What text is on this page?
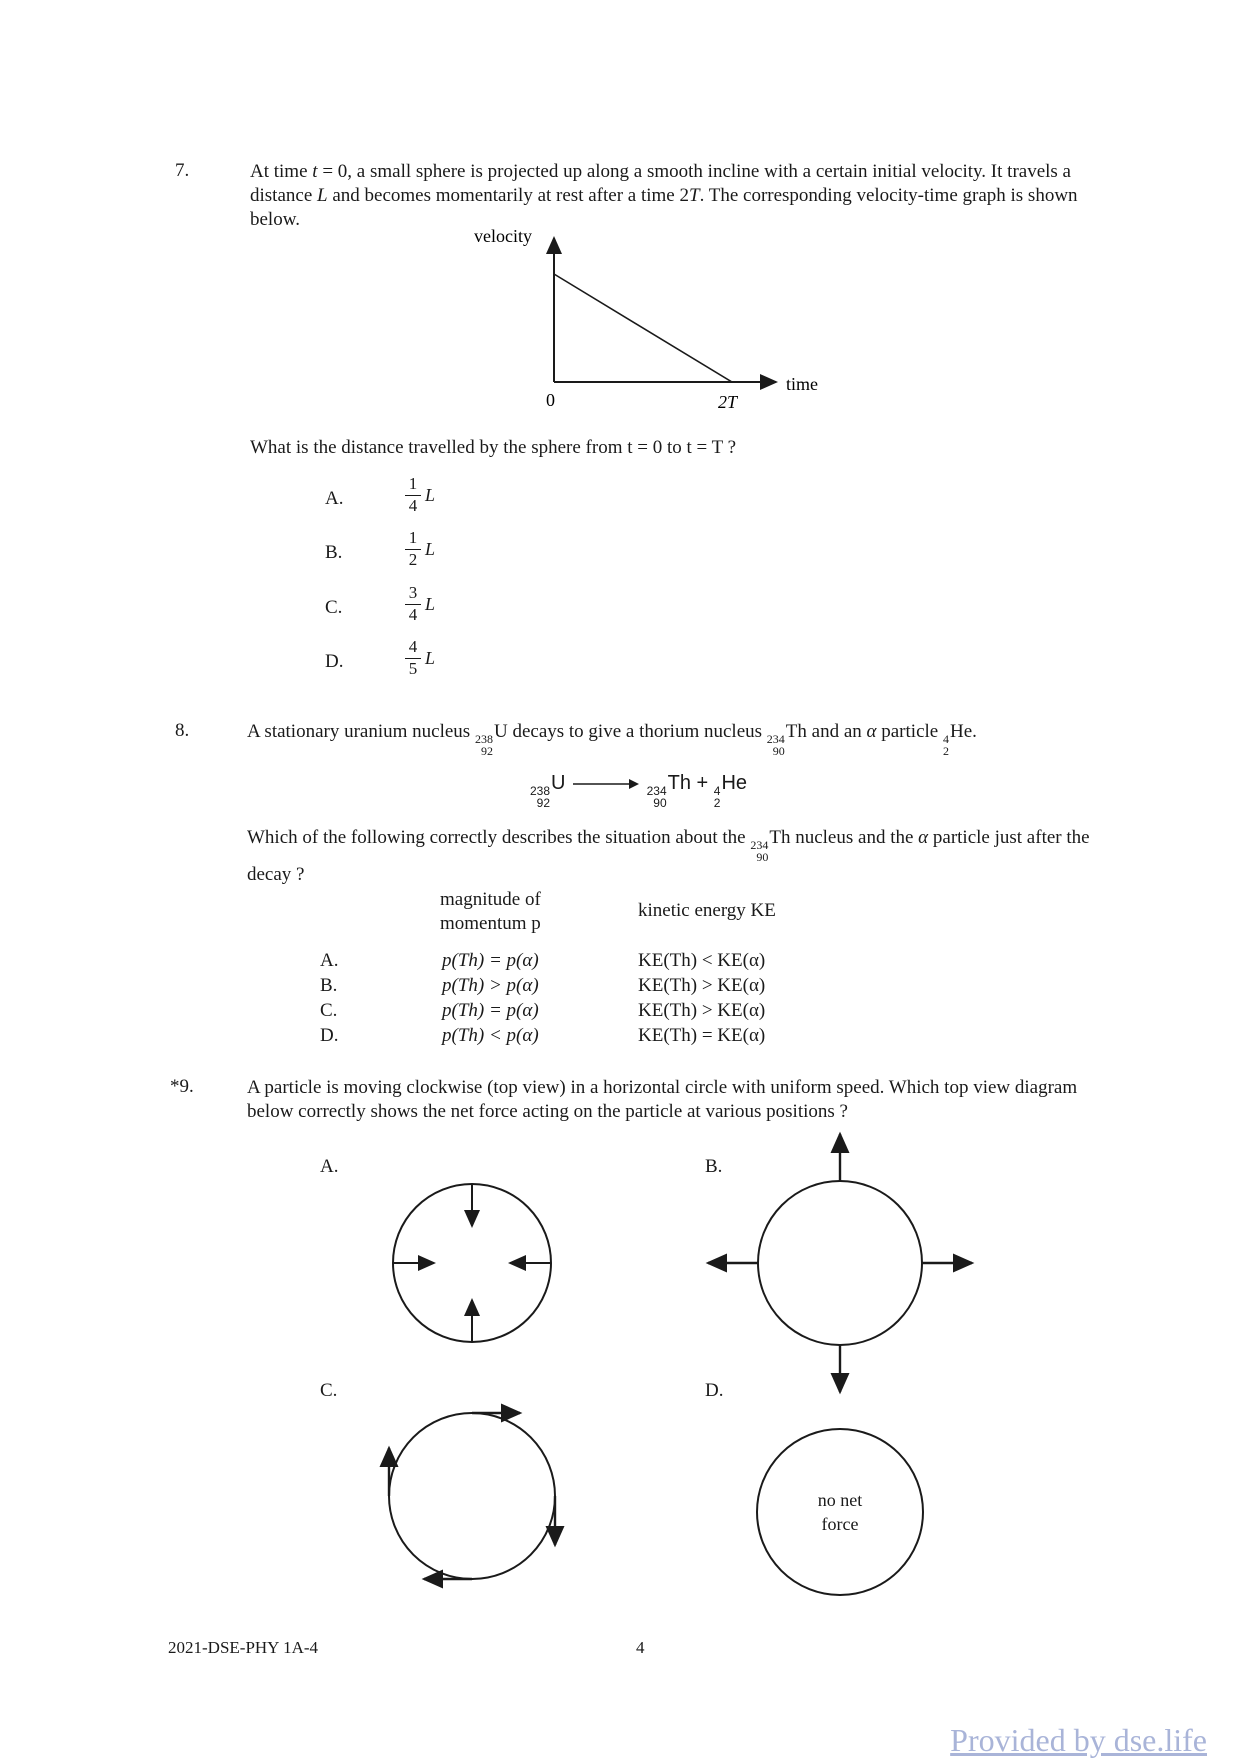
7.	At time t = 0, a small sphere is projected up along a smooth incline with a certain initial velocity. It travels a distance L and becomes momentarily at rest after a time 2T. The corresponding velocity-time graph is shown below.
velocity
time
0	2T
What is the distance travelled by the sphere from t = 0 to t = T ?
A.	$\frac{1}{4}$ L
B.	$\frac{1}{2}$ L
C.	$\frac{3}{4}$ L
D.	$\frac{4}{5}$ L
8.	A stationary uranium nucleus 238
92
U decays to give a thorium nucleus 234
90
Th and an α particle 4
2
He.
238
92
U →
234
90
Th + 4
2
He
Which of the following correctly describes the situation about the 234
90
Th nucleus and the α particle just after the decay ?
magnitude of
momentum p
kinetic energy KE
A.	p(Th) = p(α)	KE(Th) < KE(α)
B.	p(Th) > p(α)	KE(Th) > KE(α)
C.	p(Th) = p(α)	KE(Th) > KE(α)
D.	p(Th) < p(α)	KE(Th) = KE(α)
*9.	A particle is moving clockwise (top view) in a horizontal circle with uniform speed. Which top view diagram below correctly shows the net force acting on the particle at various positions ?
A.	B.
C.	D.
no net
force
2021-DSE-PHY 1A-4	4
Provided by dse.life
